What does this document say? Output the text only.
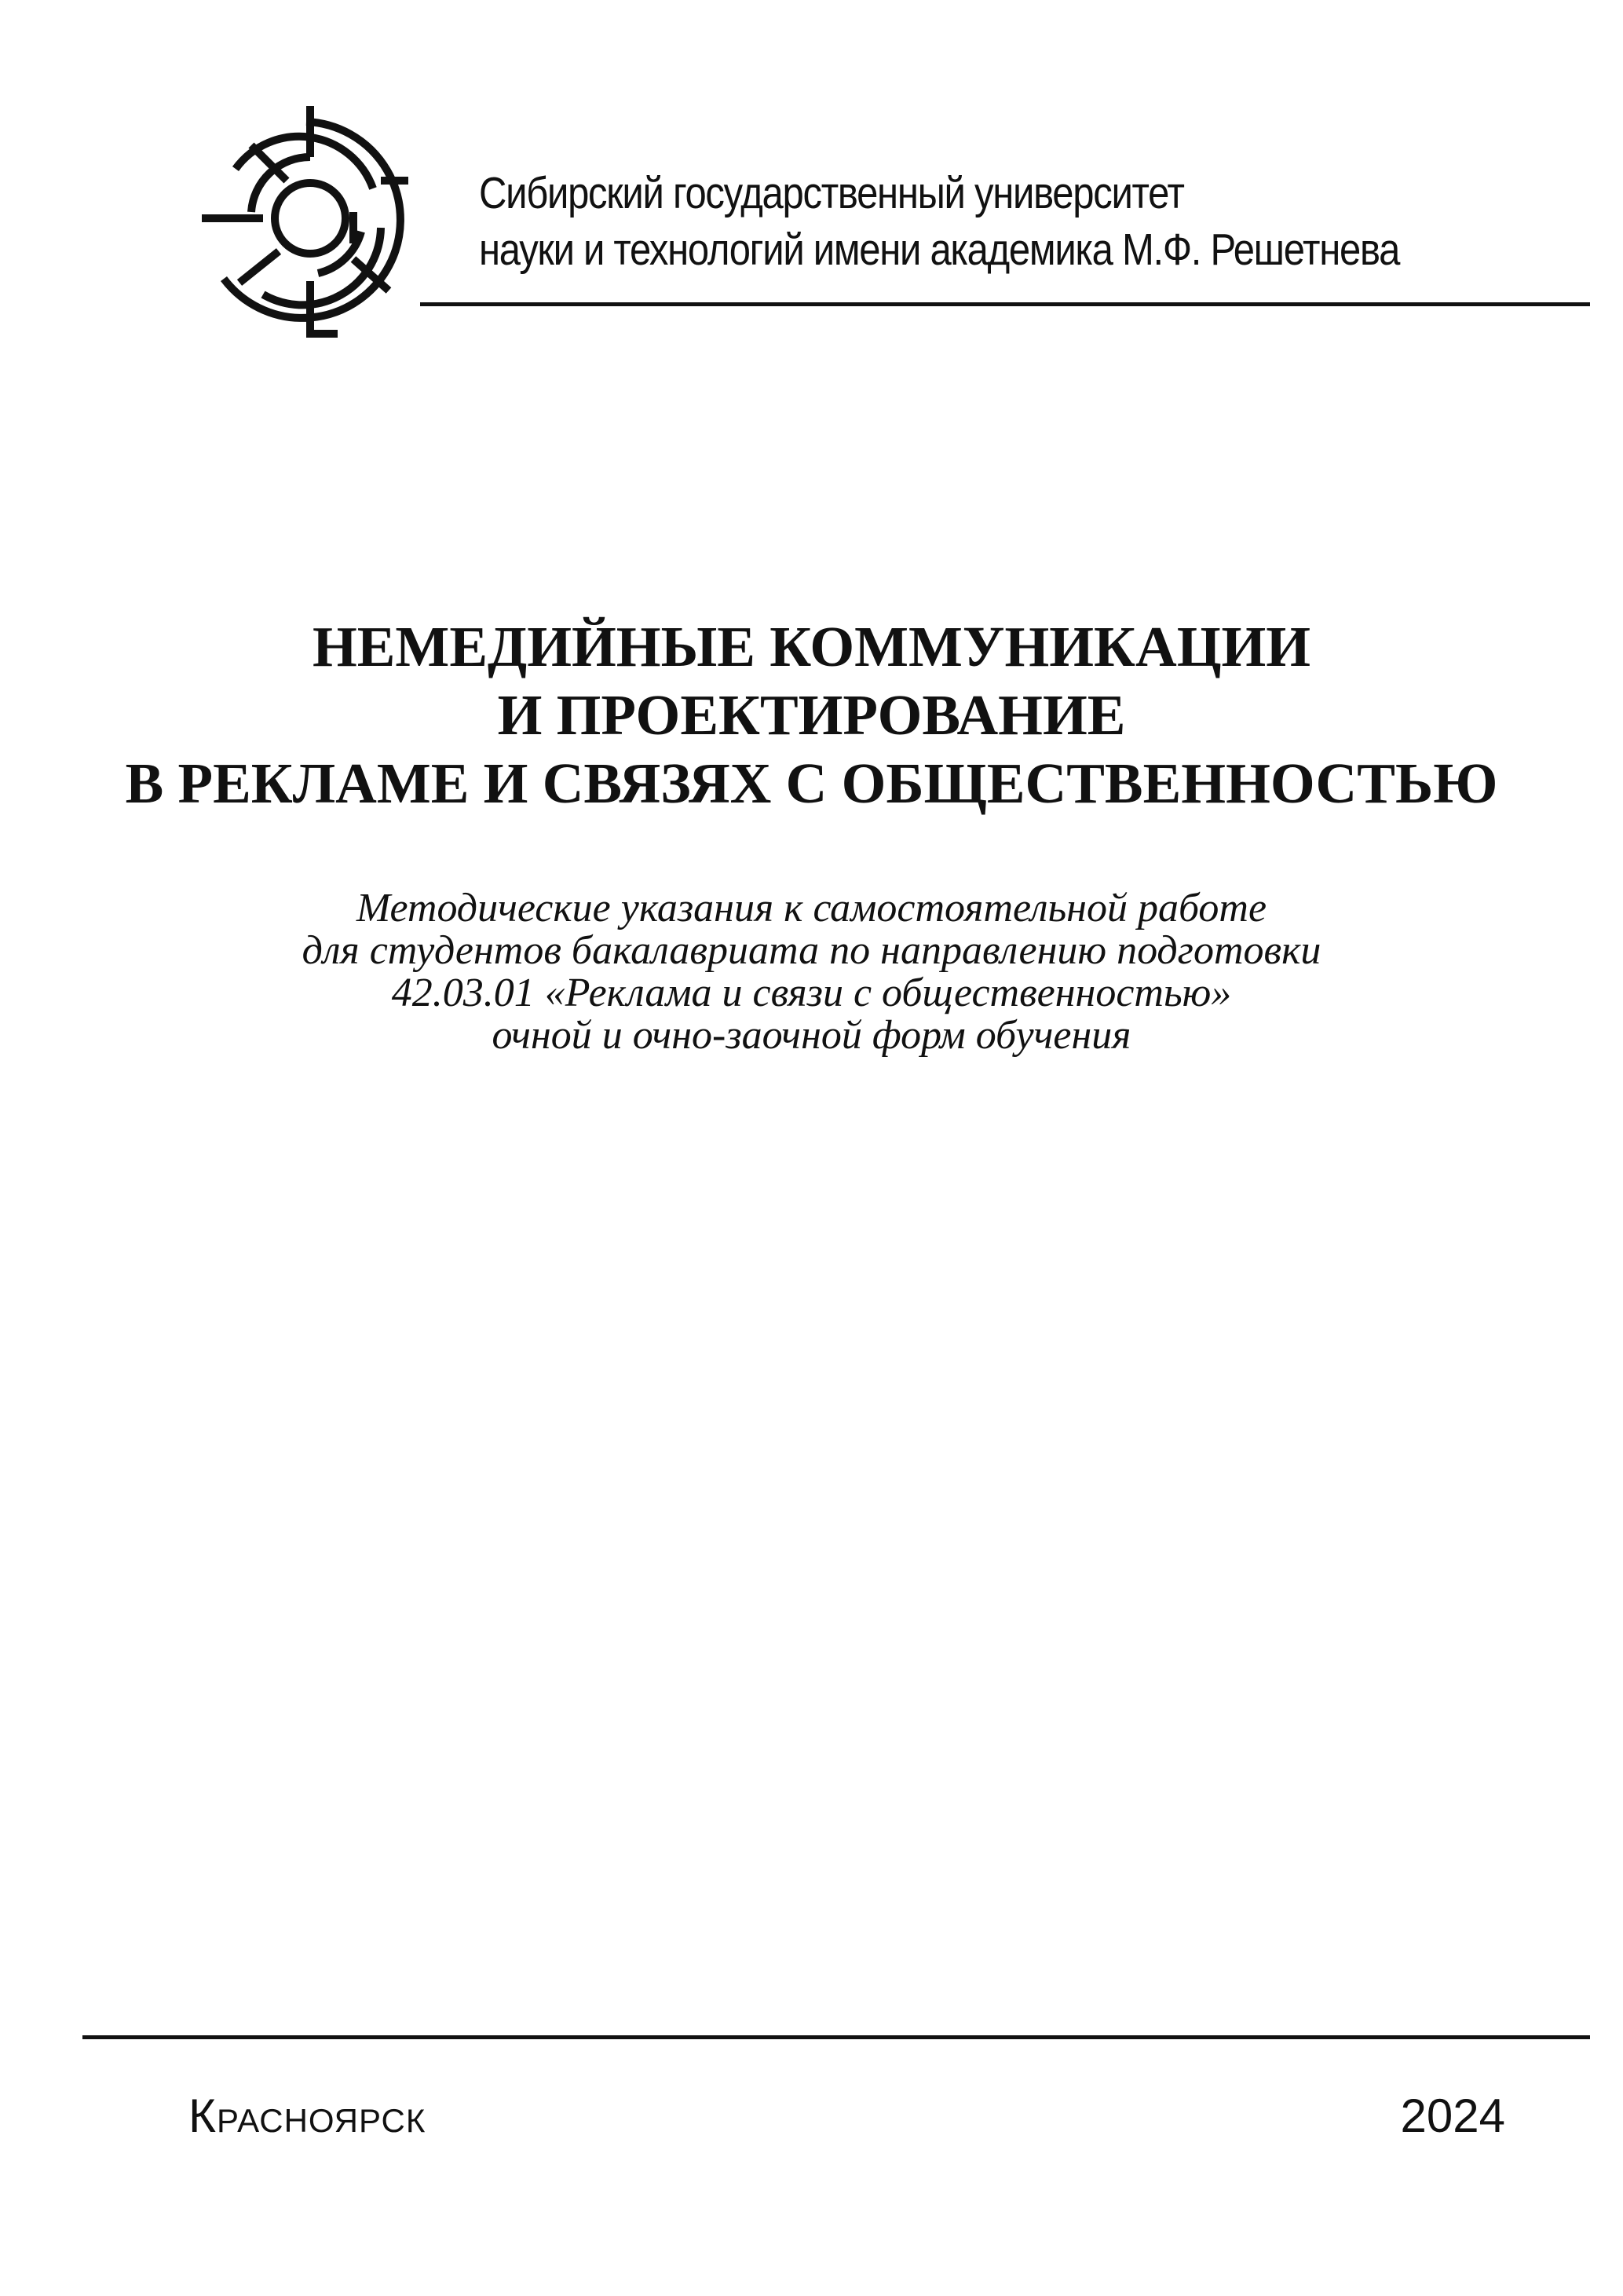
Сибирский государственный университет
науки и технологий имени академика М.Ф. Решетнева
НЕМЕДИЙНЫЕ КОММУНИКАЦИИ
И ПРОЕКТИРОВАНИЕ
В РЕКЛАМЕ И СВЯЗЯХ С ОБЩЕСТВЕННОСТЬЮ
Методические указания к самостоятельной работе
для студентов бакалавриата по направлению подготовки
42.03.01 «Реклама и связи с общественностью»
очной и очно-заочной форм обучения
Красноярск	2024
